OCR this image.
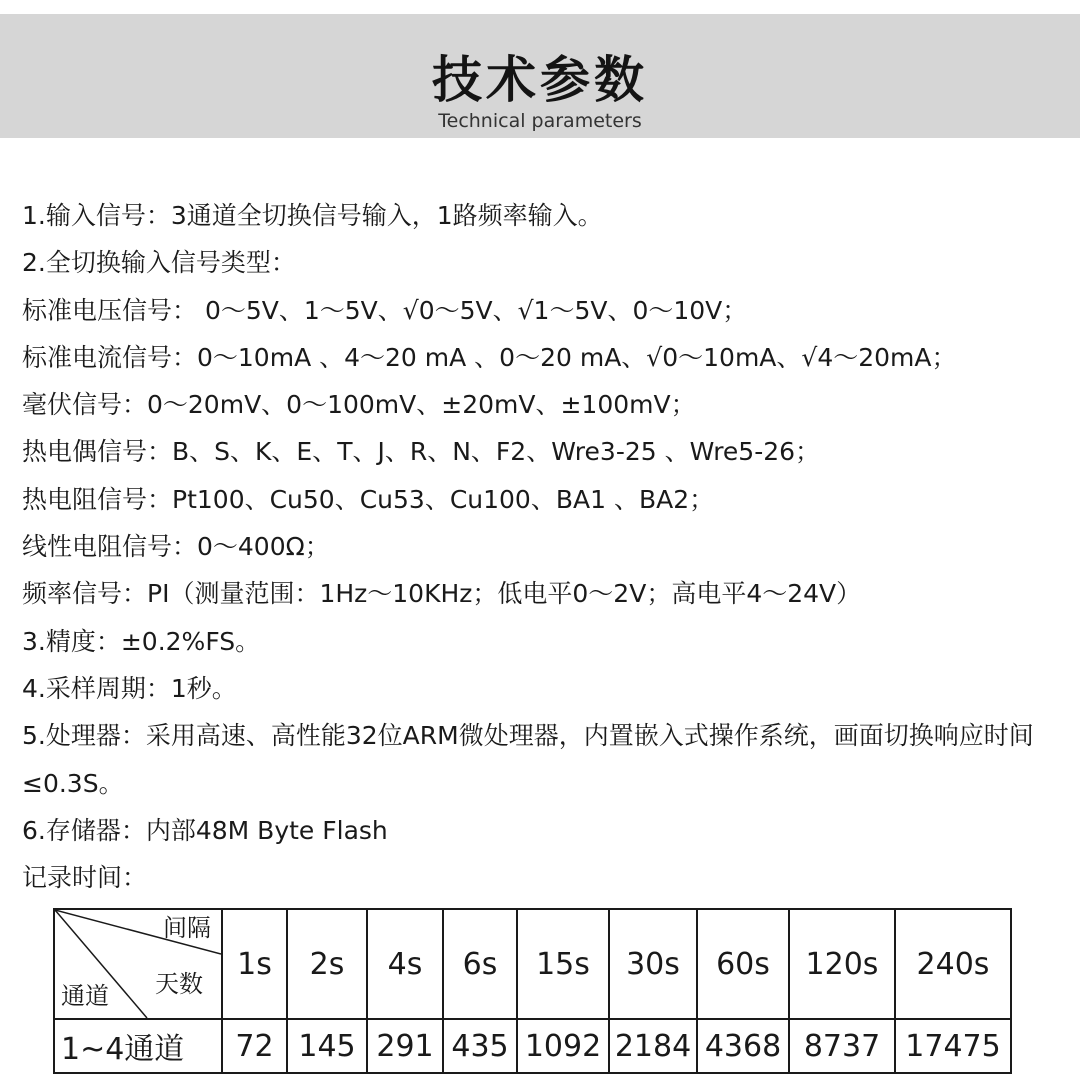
技术参数
Technical parameters
1.输入信号：3通道全切换信号输入，1路频率输入。
2.全切换输入信号类型：
标准电压信号： 0～5V、1～5V、√0～5V、√1～5V、0～10V；
标准电流信号：0～10mA 、4～20 mA 、0～20 mA、√0～10mA、√4～20mA；
毫伏信号：0～20mV、0～100mV、±20mV、±100mV；
热电偶信号：B、S、K、E、T、J、R、N、F2、Wre3-25 、Wre5-26；
热电阻信号：Pt100、Cu50、Cu53、Cu100、BA1 、BA2；
线性电阻信号：0～400Ω；
频率信号：PI（测量范围：1Hz～10KHz；低电平0～2V；高电平4～24V）
3.精度：±0.2%FS。
4.采样周期：1秒。
5.处理器：采用高速、高性能32位ARM微处理器，内置嵌入式操作系统，画面切换响应时间≤0.3S。
6.存储器：内部48M Byte Flash
记录时间：
间隔
天数
通道	1s	2s	4s	6s	15s	30s	60s	120s	240s
1~4通道	72	145	291	435	1092	2184	4368	8737	17475
